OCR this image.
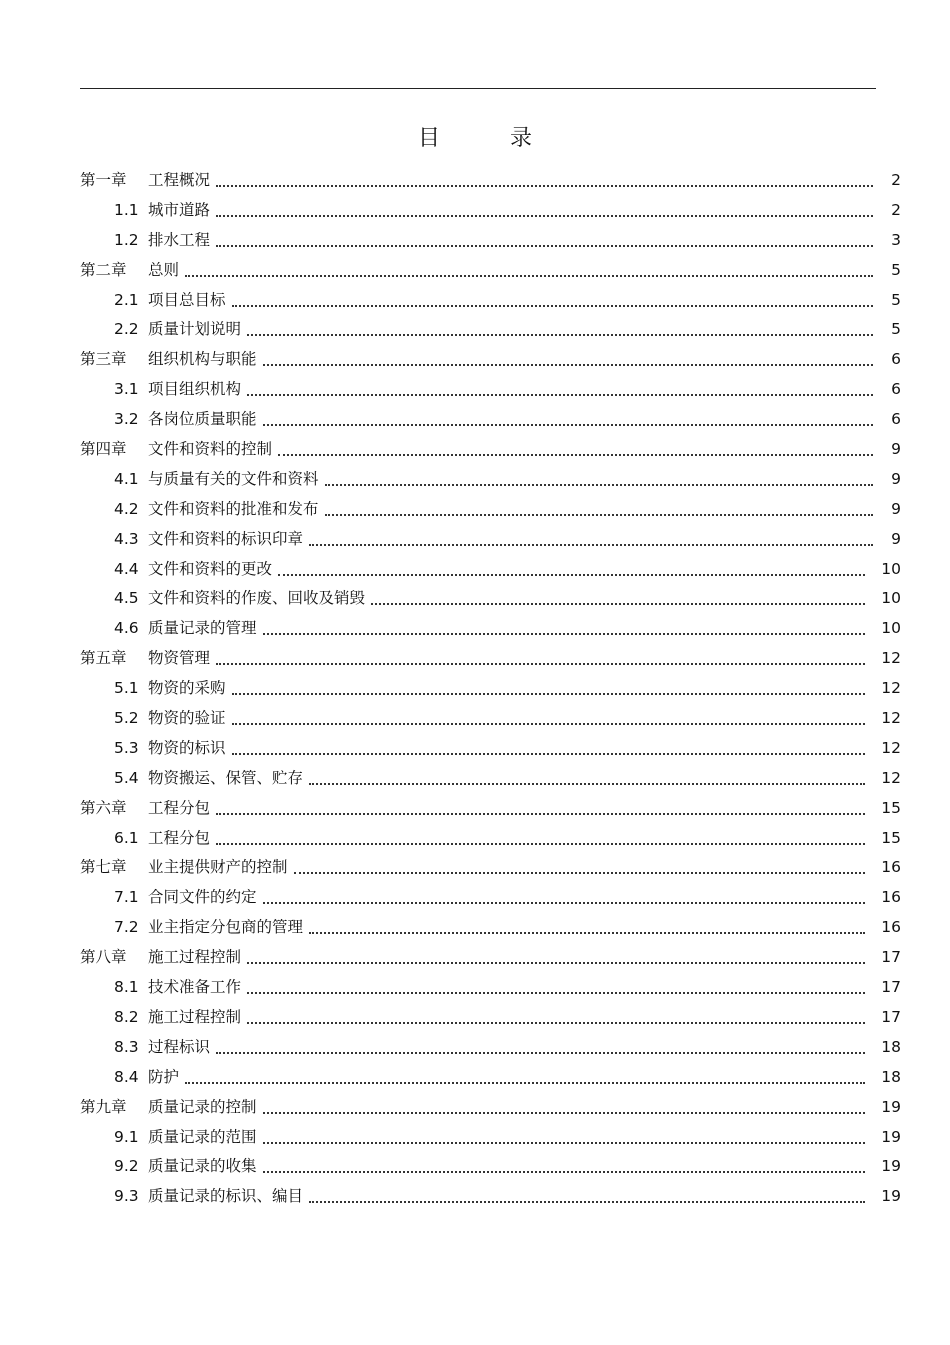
目　录
第一章 工程概况	2
1.1 城市道路	2
1.2 排水工程	3
第二章 总则	5
2.1 项目总目标	5
2.2 质量计划说明	5
第三章 组织机构与职能	6
3.1 项目组织机构	6
3.2 各岗位质量职能	6
第四章 文件和资料的控制	9
4.1 与质量有关的文件和资料	9
4.2 文件和资料的批准和发布	9
4.3 文件和资料的标识印章	9
4.4 文件和资料的更改	10
4.5 文件和资料的作废、回收及销毁	10
4.6 质量记录的管理	10
第五章 物资管理	12
5.1 物资的采购	12
5.2 物资的验证	12
5.3 物资的标识	12
5.4 物资搬运、保管、贮存	12
第六章 工程分包	15
6.1 工程分包	15
第七章 业主提供财产的控制	16
7.1 合同文件的约定	16
7.2 业主指定分包商的管理	16
第八章 施工过程控制	17
8.1 技术准备工作	17
8.2 施工过程控制	17
8.3 过程标识	18
8.4 防护	18
第九章 质量记录的控制	19
9.1 质量记录的范围	19
9.2 质量记录的收集	19
9.3 质量记录的标识、编目	19
